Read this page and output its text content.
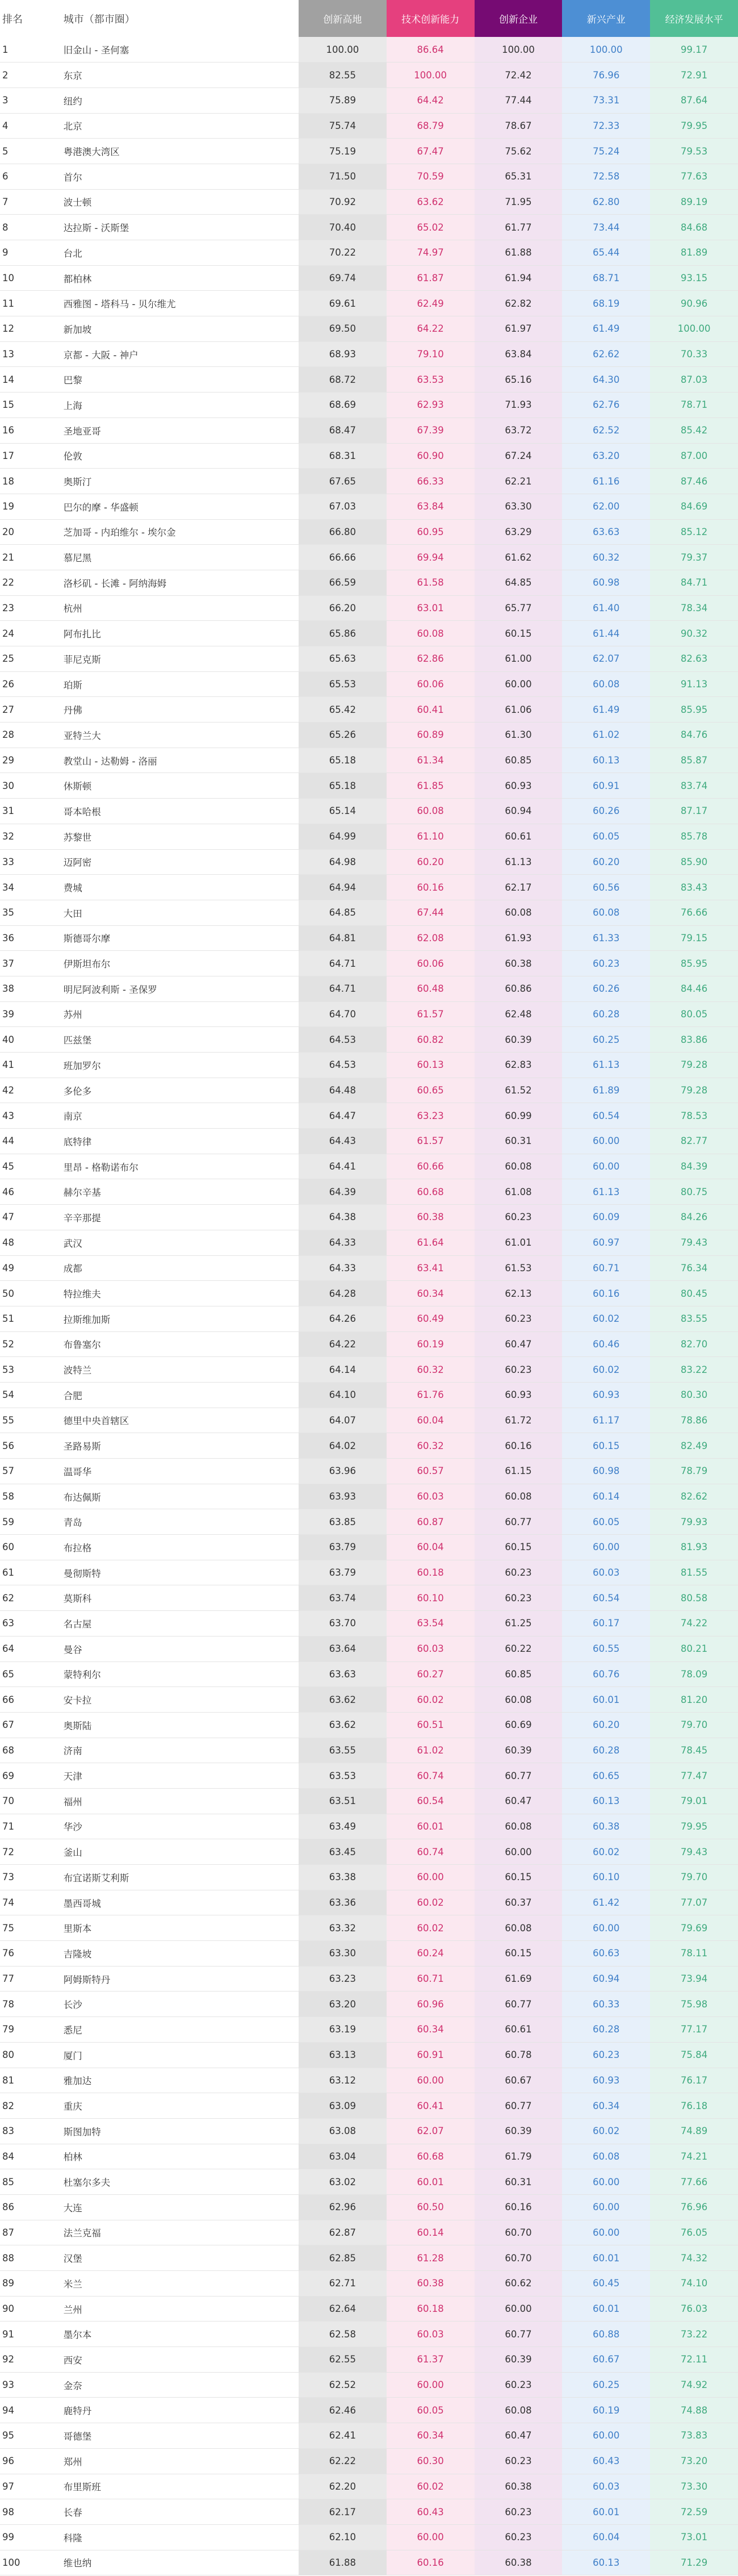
排名	城市（都市圈）	创新高地	技术创新能力	创新企业	新兴产业	经济发展水平
1	旧金山 - 圣何塞	100.00	86.64	100.00	100.00	99.17
2	东京	82.55	100.00	72.42	76.96	72.91
3	纽约	75.89	64.42	77.44	73.31	87.64
4	北京	75.74	68.79	78.67	72.33	79.95
5	粤港澳大湾区	75.19	67.47	75.62	75.24	79.53
6	首尔	71.50	70.59	65.31	72.58	77.63
7	波士顿	70.92	63.62	71.95	62.80	89.19
8	达拉斯 - 沃斯堡	70.40	65.02	61.77	73.44	84.68
9	台北	70.22	74.97	61.88	65.44	81.89
10	都柏林	69.74	61.87	61.94	68.71	93.15
11	西雅图 - 塔科马 - 贝尔维尤	69.61	62.49	62.82	68.19	90.96
12	新加坡	69.50	64.22	61.97	61.49	100.00
13	京都 - 大阪 - 神户	68.93	79.10	63.84	62.62	70.33
14	巴黎	68.72	63.53	65.16	64.30	87.03
15	上海	68.69	62.93	71.93	62.76	78.71
16	圣地亚哥	68.47	67.39	63.72	62.52	85.42
17	伦敦	68.31	60.90	67.24	63.20	87.00
18	奥斯汀	67.65	66.33	62.21	61.16	87.46
19	巴尔的摩 - 华盛顿	67.03	63.84	63.30	62.00	84.69
20	芝加哥 - 内珀维尔 - 埃尔金	66.80	60.95	63.29	63.63	85.12
21	慕尼黑	66.66	69.94	61.62	60.32	79.37
22	洛杉矶 - 长滩 - 阿纳海姆	66.59	61.58	64.85	60.98	84.71
23	杭州	66.20	63.01	65.77	61.40	78.34
24	阿布扎比	65.86	60.08	60.15	61.44	90.32
25	菲尼克斯	65.63	62.86	61.00	62.07	82.63
26	珀斯	65.53	60.06	60.00	60.08	91.13
27	丹佛	65.42	60.41	61.06	61.49	85.95
28	亚特兰大	65.26	60.89	61.30	61.02	84.76
29	教堂山 - 达勒姆 - 洛丽	65.18	61.34	60.85	60.13	85.87
30	休斯顿	65.18	61.85	60.93	60.91	83.74
31	哥本哈根	65.14	60.08	60.94	60.26	87.17
32	苏黎世	64.99	61.10	60.61	60.05	85.78
33	迈阿密	64.98	60.20	61.13	60.20	85.90
34	费城	64.94	60.16	62.17	60.56	83.43
35	大田	64.85	67.44	60.08	60.08	76.66
36	斯德哥尔摩	64.81	62.08	61.93	61.33	79.15
37	伊斯坦布尔	64.71	60.06	60.38	60.23	85.95
38	明尼阿波利斯 - 圣保罗	64.71	60.48	60.86	60.26	84.46
39	苏州	64.70	61.57	62.48	60.28	80.05
40	匹兹堡	64.53	60.82	60.39	60.25	83.86
41	班加罗尔	64.53	60.13	62.83	61.13	79.28
42	多伦多	64.48	60.65	61.52	61.89	79.28
43	南京	64.47	63.23	60.99	60.54	78.53
44	底特律	64.43	61.57	60.31	60.00	82.77
45	里昂 - 格勒诺布尔	64.41	60.66	60.08	60.00	84.39
46	赫尔辛基	64.39	60.68	61.08	61.13	80.75
47	辛辛那提	64.38	60.38	60.23	60.09	84.26
48	武汉	64.33	61.64	61.01	60.97	79.43
49	成都	64.33	63.41	61.53	60.71	76.34
50	特拉维夫	64.28	60.34	62.13	60.16	80.45
51	拉斯维加斯	64.26	60.49	60.23	60.02	83.55
52	布鲁塞尔	64.22	60.19	60.47	60.46	82.70
53	波特兰	64.14	60.32	60.23	60.02	83.22
54	合肥	64.10	61.76	60.93	60.93	80.30
55	德里中央首辖区	64.07	60.04	61.72	61.17	78.86
56	圣路易斯	64.02	60.32	60.16	60.15	82.49
57	温哥华	63.96	60.57	61.15	60.98	78.79
58	布达佩斯	63.93	60.03	60.08	60.14	82.62
59	青岛	63.85	60.87	60.77	60.05	79.93
60	布拉格	63.79	60.04	60.15	60.00	81.93
61	曼彻斯特	63.79	60.18	60.23	60.03	81.55
62	莫斯科	63.74	60.10	60.23	60.54	80.58
63	名古屋	63.70	63.54	61.25	60.17	74.22
64	曼谷	63.64	60.03	60.22	60.55	80.21
65	蒙特利尔	63.63	60.27	60.85	60.76	78.09
66	安卡拉	63.62	60.02	60.08	60.01	81.20
67	奥斯陆	63.62	60.51	60.69	60.20	79.70
68	济南	63.55	61.02	60.39	60.28	78.45
69	天津	63.53	60.74	60.77	60.65	77.47
70	福州	63.51	60.54	60.47	60.13	79.01
71	华沙	63.49	60.01	60.08	60.38	79.95
72	釜山	63.45	60.74	60.00	60.02	79.43
73	布宜诺斯艾利斯	63.38	60.00	60.15	60.10	79.70
74	墨西哥城	63.36	60.02	60.37	61.42	77.07
75	里斯本	63.32	60.02	60.08	60.00	79.69
76	吉隆坡	63.30	60.24	60.15	60.63	78.11
77	阿姆斯特丹	63.23	60.71	61.69	60.94	73.94
78	长沙	63.20	60.96	60.77	60.33	75.98
79	悉尼	63.19	60.34	60.61	60.28	77.17
80	厦门	63.13	60.91	60.78	60.23	75.84
81	雅加达	63.12	60.00	60.67	60.93	76.17
82	重庆	63.09	60.41	60.77	60.34	76.18
83	斯图加特	63.08	62.07	60.39	60.02	74.89
84	柏林	63.04	60.68	61.79	60.08	74.21
85	杜塞尔多夫	63.02	60.01	60.31	60.00	77.66
86	大连	62.96	60.50	60.16	60.00	76.96
87	法兰克福	62.87	60.14	60.70	60.00	76.05
88	汉堡	62.85	61.28	60.70	60.01	74.32
89	米兰	62.71	60.38	60.62	60.45	74.10
90	兰州	62.64	60.18	60.00	60.01	76.03
91	墨尔本	62.58	60.03	60.77	60.88	73.22
92	西安	62.55	61.37	60.39	60.67	72.11
93	金奈	62.52	60.00	60.23	60.25	74.92
94	鹿特丹	62.46	60.05	60.08	60.19	74.88
95	哥德堡	62.41	60.34	60.47	60.00	73.83
96	郑州	62.22	60.30	60.23	60.43	73.20
97	布里斯班	62.20	60.02	60.38	60.03	73.30
98	长春	62.17	60.43	60.23	60.01	72.59
99	科隆	62.10	60.00	60.23	60.04	73.01
100	维也纳	61.88	60.16	60.38	60.13	71.29
